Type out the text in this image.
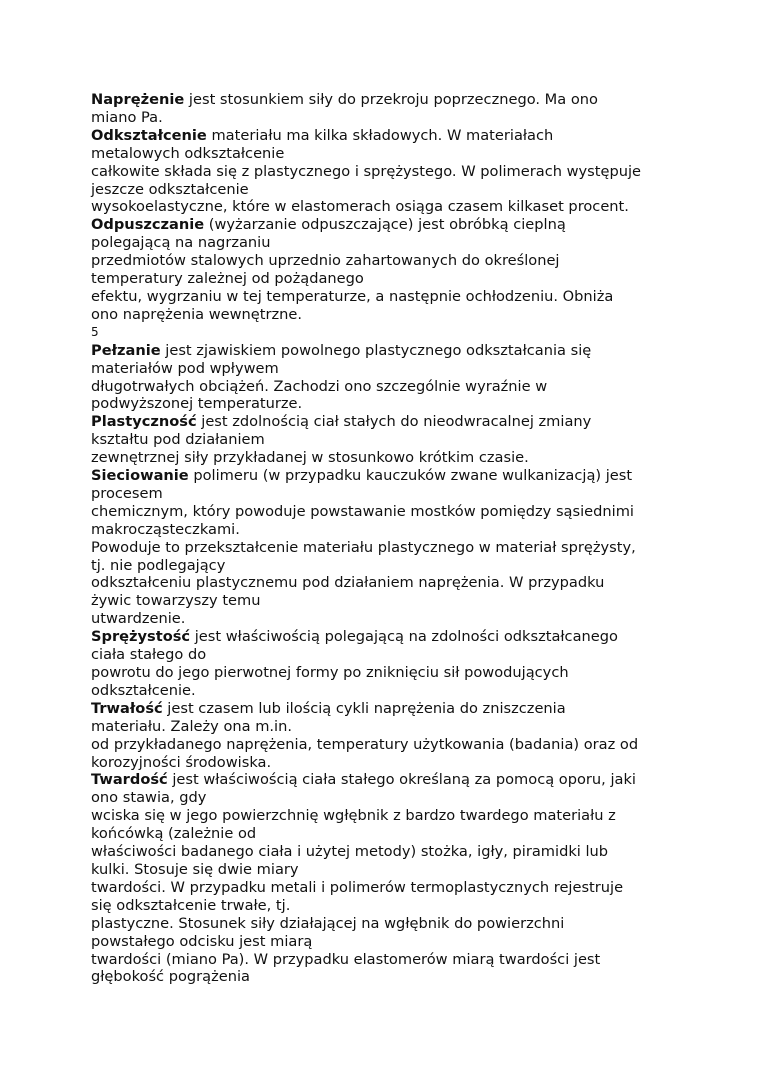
Naprężenie jest stosunkiem siły do przekroju poprzecznego. Ma ono
miano Pa.
Odkształcenie materiału ma kilka składowych. W materiałach
metalowych odkształcenie
całkowite składa się z plastycznego i sprężystego. W polimerach występuje
jeszcze odkształcenie
wysokoelastyczne, które w elastomerach osiąga czasem kilkaset procent.
Odpuszczanie (wyżarzanie odpuszczające) jest obróbką cieplną
polegającą na nagrzaniu
przedmiotów stalowych uprzednio zahartowanych do określonej
temperatury zależnej od pożądanego
efektu, wygrzaniu w tej temperaturze, a następnie ochłodzeniu. Obniża
ono naprężenia wewnętrzne.
5
Pełzanie jest zjawiskiem powolnego plastycznego odkształcania się
materiałów pod wpływem
długotrwałych obciążeń. Zachodzi ono szczególnie wyraźnie w
podwyższonej temperaturze.
Plastyczność jest zdolnością ciał stałych do nieodwracalnej zmiany
kształtu pod działaniem
zewnętrznej siły przykładanej w stosunkowo krótkim czasie.
Sieciowanie polimeru (w przypadku kauczuków zwane wulkanizacją) jest
procesem
chemicznym, który powoduje powstawanie mostków pomiędzy sąsiednimi
makrocząsteczkami.
Powoduje to przekształcenie materiału plastycznego w materiał sprężysty,
tj. nie podlegający
odkształceniu plastycznemu pod działaniem naprężenia. W przypadku
żywic towarzyszy temu
utwardzenie.
Sprężystość jest właściwością polegającą na zdolności odkształcanego
ciała stałego do
powrotu do jego pierwotnej formy po zniknięciu sił powodujących
odkształcenie.
Trwałość jest czasem lub ilością cykli naprężenia do zniszczenia
materiału. Zależy ona m.in.
od przykładanego naprężenia, temperatury użytkowania (badania) oraz od
korozyjności środowiska.
Twardość jest właściwością ciała stałego określaną za pomocą oporu, jaki
ono stawia, gdy
wciska się w jego powierzchnię wgłębnik z bardzo twardego materiału z
końcówką (zależnie od
właściwości badanego ciała i użytej metody) stożka, igły, piramidki lub
kulki. Stosuje się dwie miary
twardości. W przypadku metali i polimerów termoplastycznych rejestruje
się odkształcenie trwałe, tj.
plastyczne. Stosunek siły działającej na wgłębnik do powierzchni
powstałego odcisku jest miarą
twardości (miano Pa). W przypadku elastomerów miarą twardości jest
głębokość pogrążenia
